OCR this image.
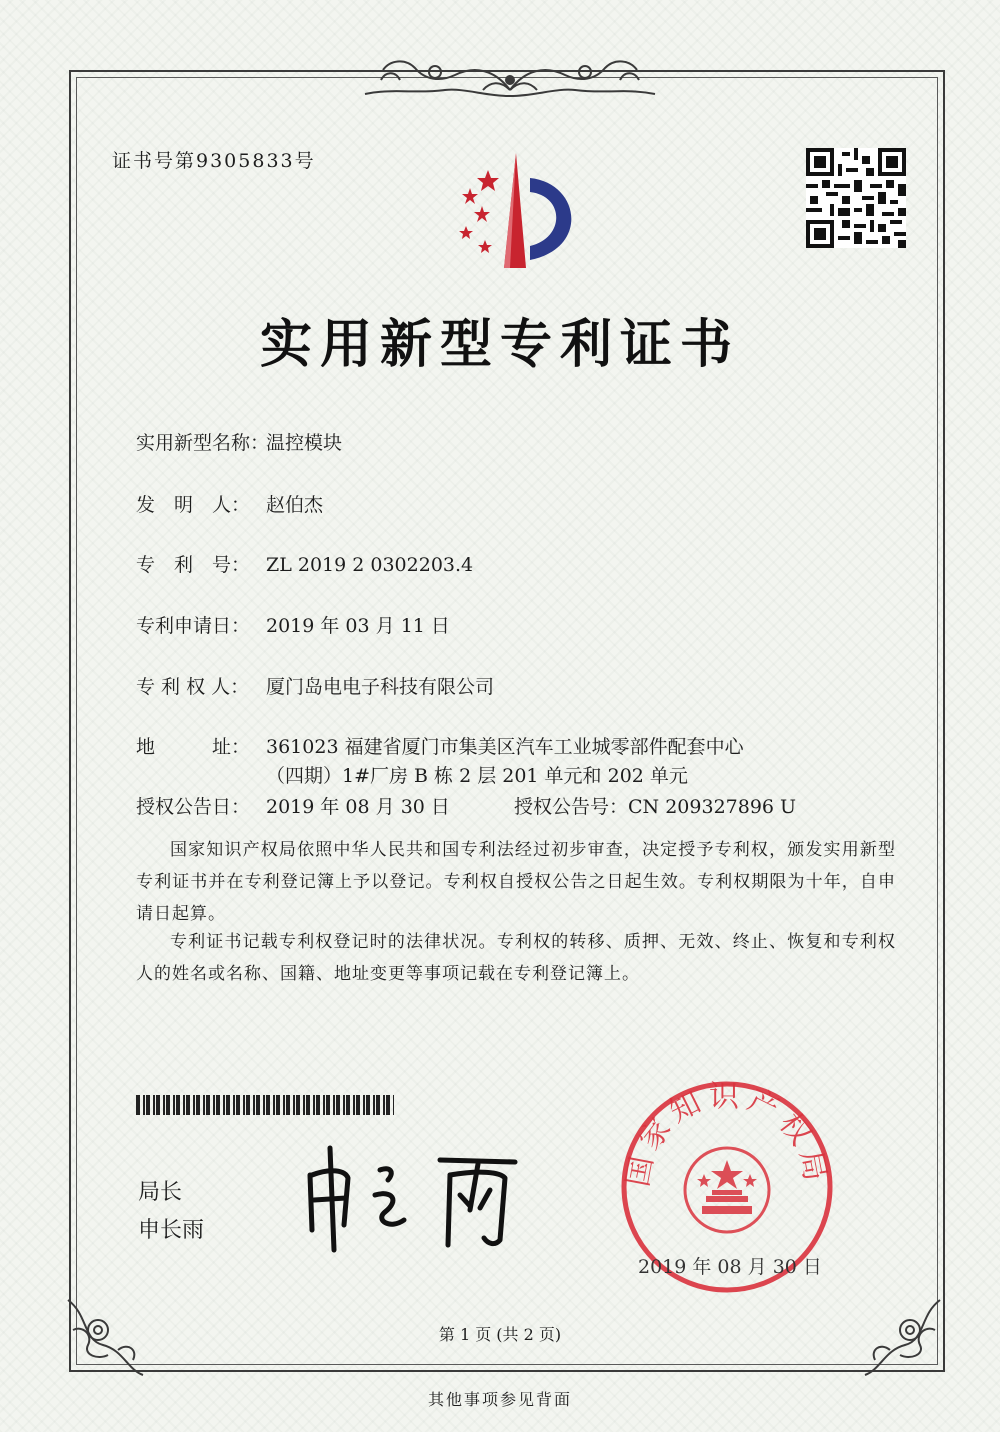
证书号第9305833号
实用新型专利证书
实用新型名称：温控模块
发　明　人： 赵伯杰
专　利　号： ZL 2019 2 0302203.4
专利申请日： 2019 年 03 月 11 日
专 利 权 人： 厦门岛电电子科技有限公司
地　　　址： 361023 福建省厦门市集美区汽车工业城零部件配套中心
（四期）1#厂房 B 栋 2 层 201 单元和 202 单元
授权公告日： 2019 年 08 月 30 日	授权公告号：CN 209327896 U
国家知识产权局依照中华人民共和国专利法经过初步审查，决定授予专利权，颁发实用新型专利证书并在专利登记簿上予以登记。专利权自授权公告之日起生效。专利权期限为十年，自申请日起算。
专利证书记载专利权登记时的法律状况。专利权的转移、质押、无效、终止、恢复和专利权人的姓名或名称、国籍、地址变更等事项记载在专利登记簿上。
局长
申长雨
国家知识产权局
2019 年 08 月 30 日
第 1 页 (共 2 页)
其他事项参见背面
